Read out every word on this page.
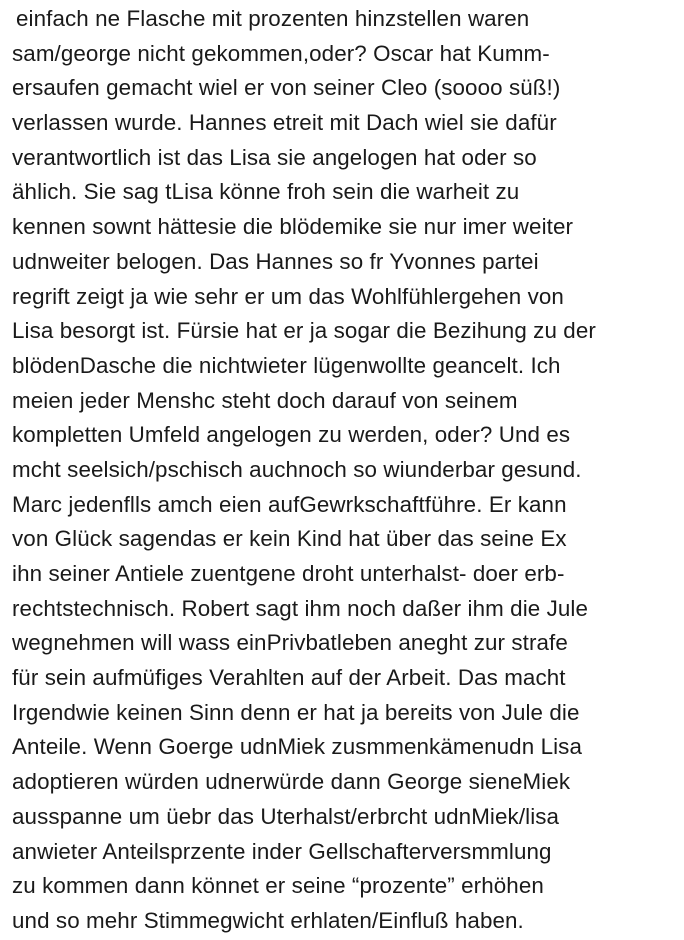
einfach ne Flasche mit prozenten hinzstellen waren
sam/george nicht gekommen,oder? Oscar hat Kumm-
ersaufen gemacht wiel er von seiner Cleo (soooo süß!)
verlassen wurde. Hannes etreit mit Dach wiel sie dafür
verantwortlich ist das Lisa sie angelogen hat oder so
ählich. Sie sag tLisa könne froh sein die warheit zu
kennen sownt hättesie die blödemike sie nur imer weiter
udnweiter belogen. Das Hannes so fr Yvonnes partei
regrift zeigt ja wie sehr er um das Wohlfühlergehen von
Lisa besorgt ist. Fürsie hat er ja sogar die Bezihung zu der
blödenDasche die nichtwieter lügenwollte geancelt. Ich
meien jeder Menshc steht doch darauf von seinem
kompletten Umfeld angelogen zu werden, oder? Und es
mcht seelsich/pschisch auchnoch so wiunderbar gesund.
Marc jedenflls amch eien aufGewrkschaftführe. Er kann
von Glück sagendas er kein Kind hat über das seine Ex
ihn seiner Antiele zuentgene droht unterhalst- doer erb-
rechtstechnisch. Robert sagt ihm noch daßer ihm die Jule
wegnehmen will wass einPrivbatleben aneght zur strafe
für sein aufmüfiges Verahlten auf der Arbeit. Das macht
Irgendwie keinen Sinn denn er hat ja bereits von Jule die
Anteile. Wenn Goerge udnMiek zusmmenkämenudn Lisa
adoptieren würden udnerwürde dann George sieneMiek
ausspanne um üebr das Uterhalst/erbrcht udnMiek/lisa
anwieter Anteilsprzente inder Gellschafterversmmlung
zu kommen dann könnet er seine “prozente” erhöhen
und so mehr Stimmegwicht erhlaten/Einfluß haben.
